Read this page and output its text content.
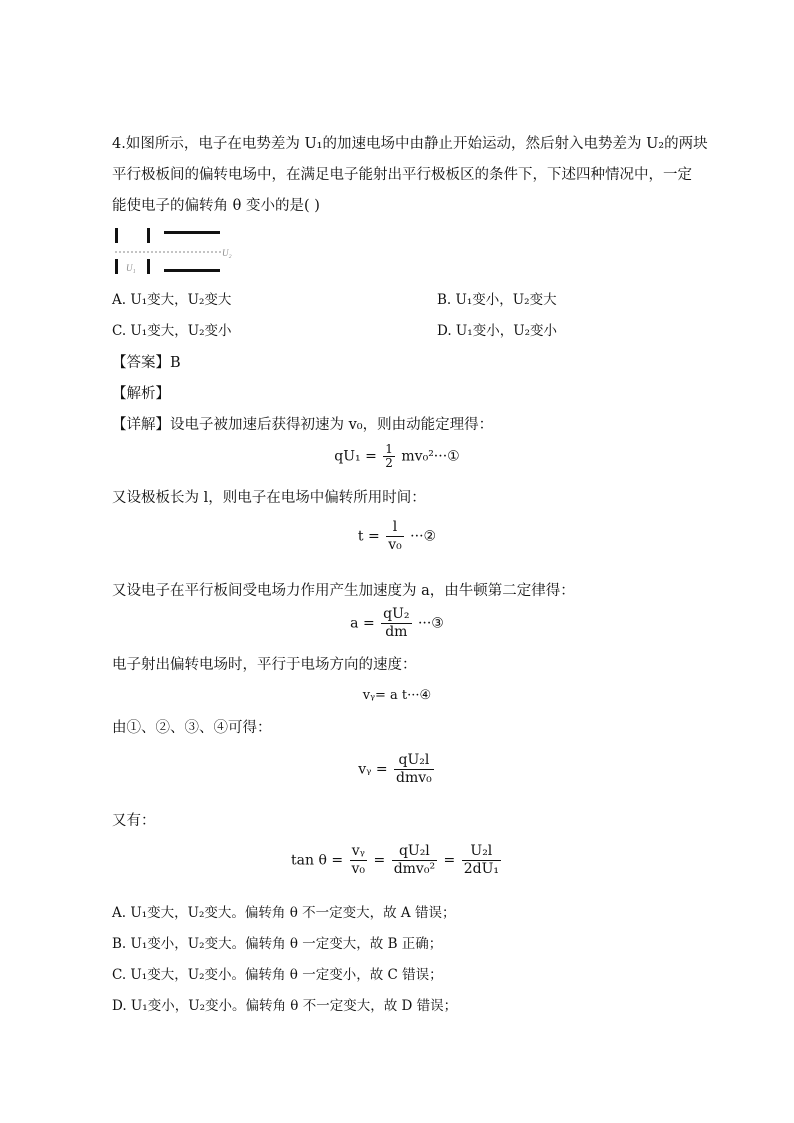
4.如图所示，电子在电势差为 U₁的加速电场中由静止开始运动，然后射入电势差为 U₂的两块
平行极板间的偏转电场中，在满足电子能射出平行极板区的条件下，下述四种情况中，一定
能使电子的偏转角 θ 变小的是( )
U₁
U₂
A. U₁变大，U₂变大	B. U₁变小，U₂变大
C. U₁变大，U₂变小	D. U₁变小，U₂变小
【答案】B
【解析】
【详解】设电子被加速后获得初速为 v₀，则由动能定理得：
$qU_1 = \frac{1}{2}$ mv₀²···①
又设极板长为 l，则电子在电场中偏转所用时间：
$t = \frac{l}{\text{v₀}}$ ···②
又设电子在平行板间受电场力作用产生加速度为 a，由牛顿第二定律得：
$a = \frac{\text{qU₂}}{dm}$ ···③
电子射出偏转电场时，平行于电场方向的速度：
vᵧ= a t···④
由①、②、③、④可得：
vᵧ = $\frac{\text{qU₂l}}{\text{dmv₀}}$
又有：
$\tan \theta = \frac{\text{vᵧ}}{\text{v₀}} = \frac{\text{qU₂l}}{\text{dmv₀²}} = \frac{\text{U₂l}}{\text{2dU₁}}$
A. U₁变大，U₂变大。偏转角 θ 不一定变大，故 A 错误；
B. U₁变小，U₂变大。偏转角 θ 一定变大，故 B 正确；
C. U₁变大，U₂变小。偏转角 θ 一定变小，故 C 错误；
D. U₁变小，U₂变小。偏转角 θ 不一定变大，故 D 错误；
